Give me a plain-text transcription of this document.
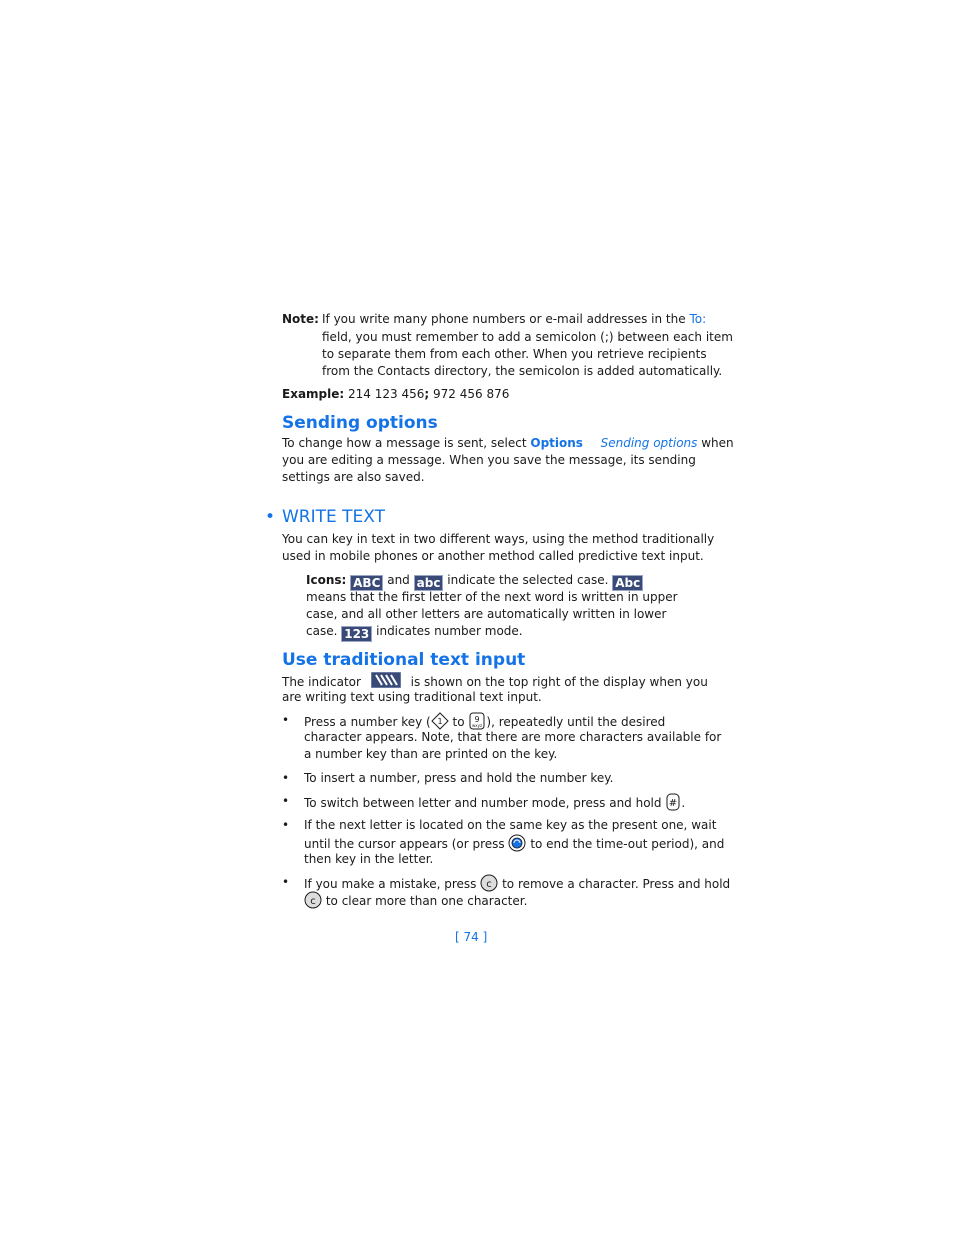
Note: If you write many phone numbers or e-mail addresses in the To:
field, you must remember to add a semicolon (;) between each item
to separate them from each other. When you retrieve recipients
from the Contacts directory, the semicolon is added automatically.
Example: 214 123 456; 972 456 876
Sending options
To change how a message is sent, select Options Sending options when
you are editing a message. When you save the message, its sending
settings are also saved.
• WRITE TEXT
You can key in text in two different ways, using the method traditionally
used in mobile phones or another method called predictive text input.
Icons: ABC and abc indicate the selected case. Abc
means that the first letter of the next word is written in upper
case, and all other letters are automatically written in lower
case. 123 indicates number mode.
Use traditional text input
The indicator	is shown on the top right of the display when you
are writing text using traditional text input.
• Press a number key ( 1 to 9
wxyz ), repeatedly until the desired
character appears. Note, that there are more characters available for
a number key than are printed on the key.
• To insert a number, press and hold the number key.
• To switch between letter and number mode, press and hold # .
• If the next letter is located on the same key as the present one, wait
until the cursor appears (or press to end the time-out period), and
then key in the letter.
• If you make a mistake, press c to remove a character. Press and hold
c to clear more than one character.
[ 74 ]
